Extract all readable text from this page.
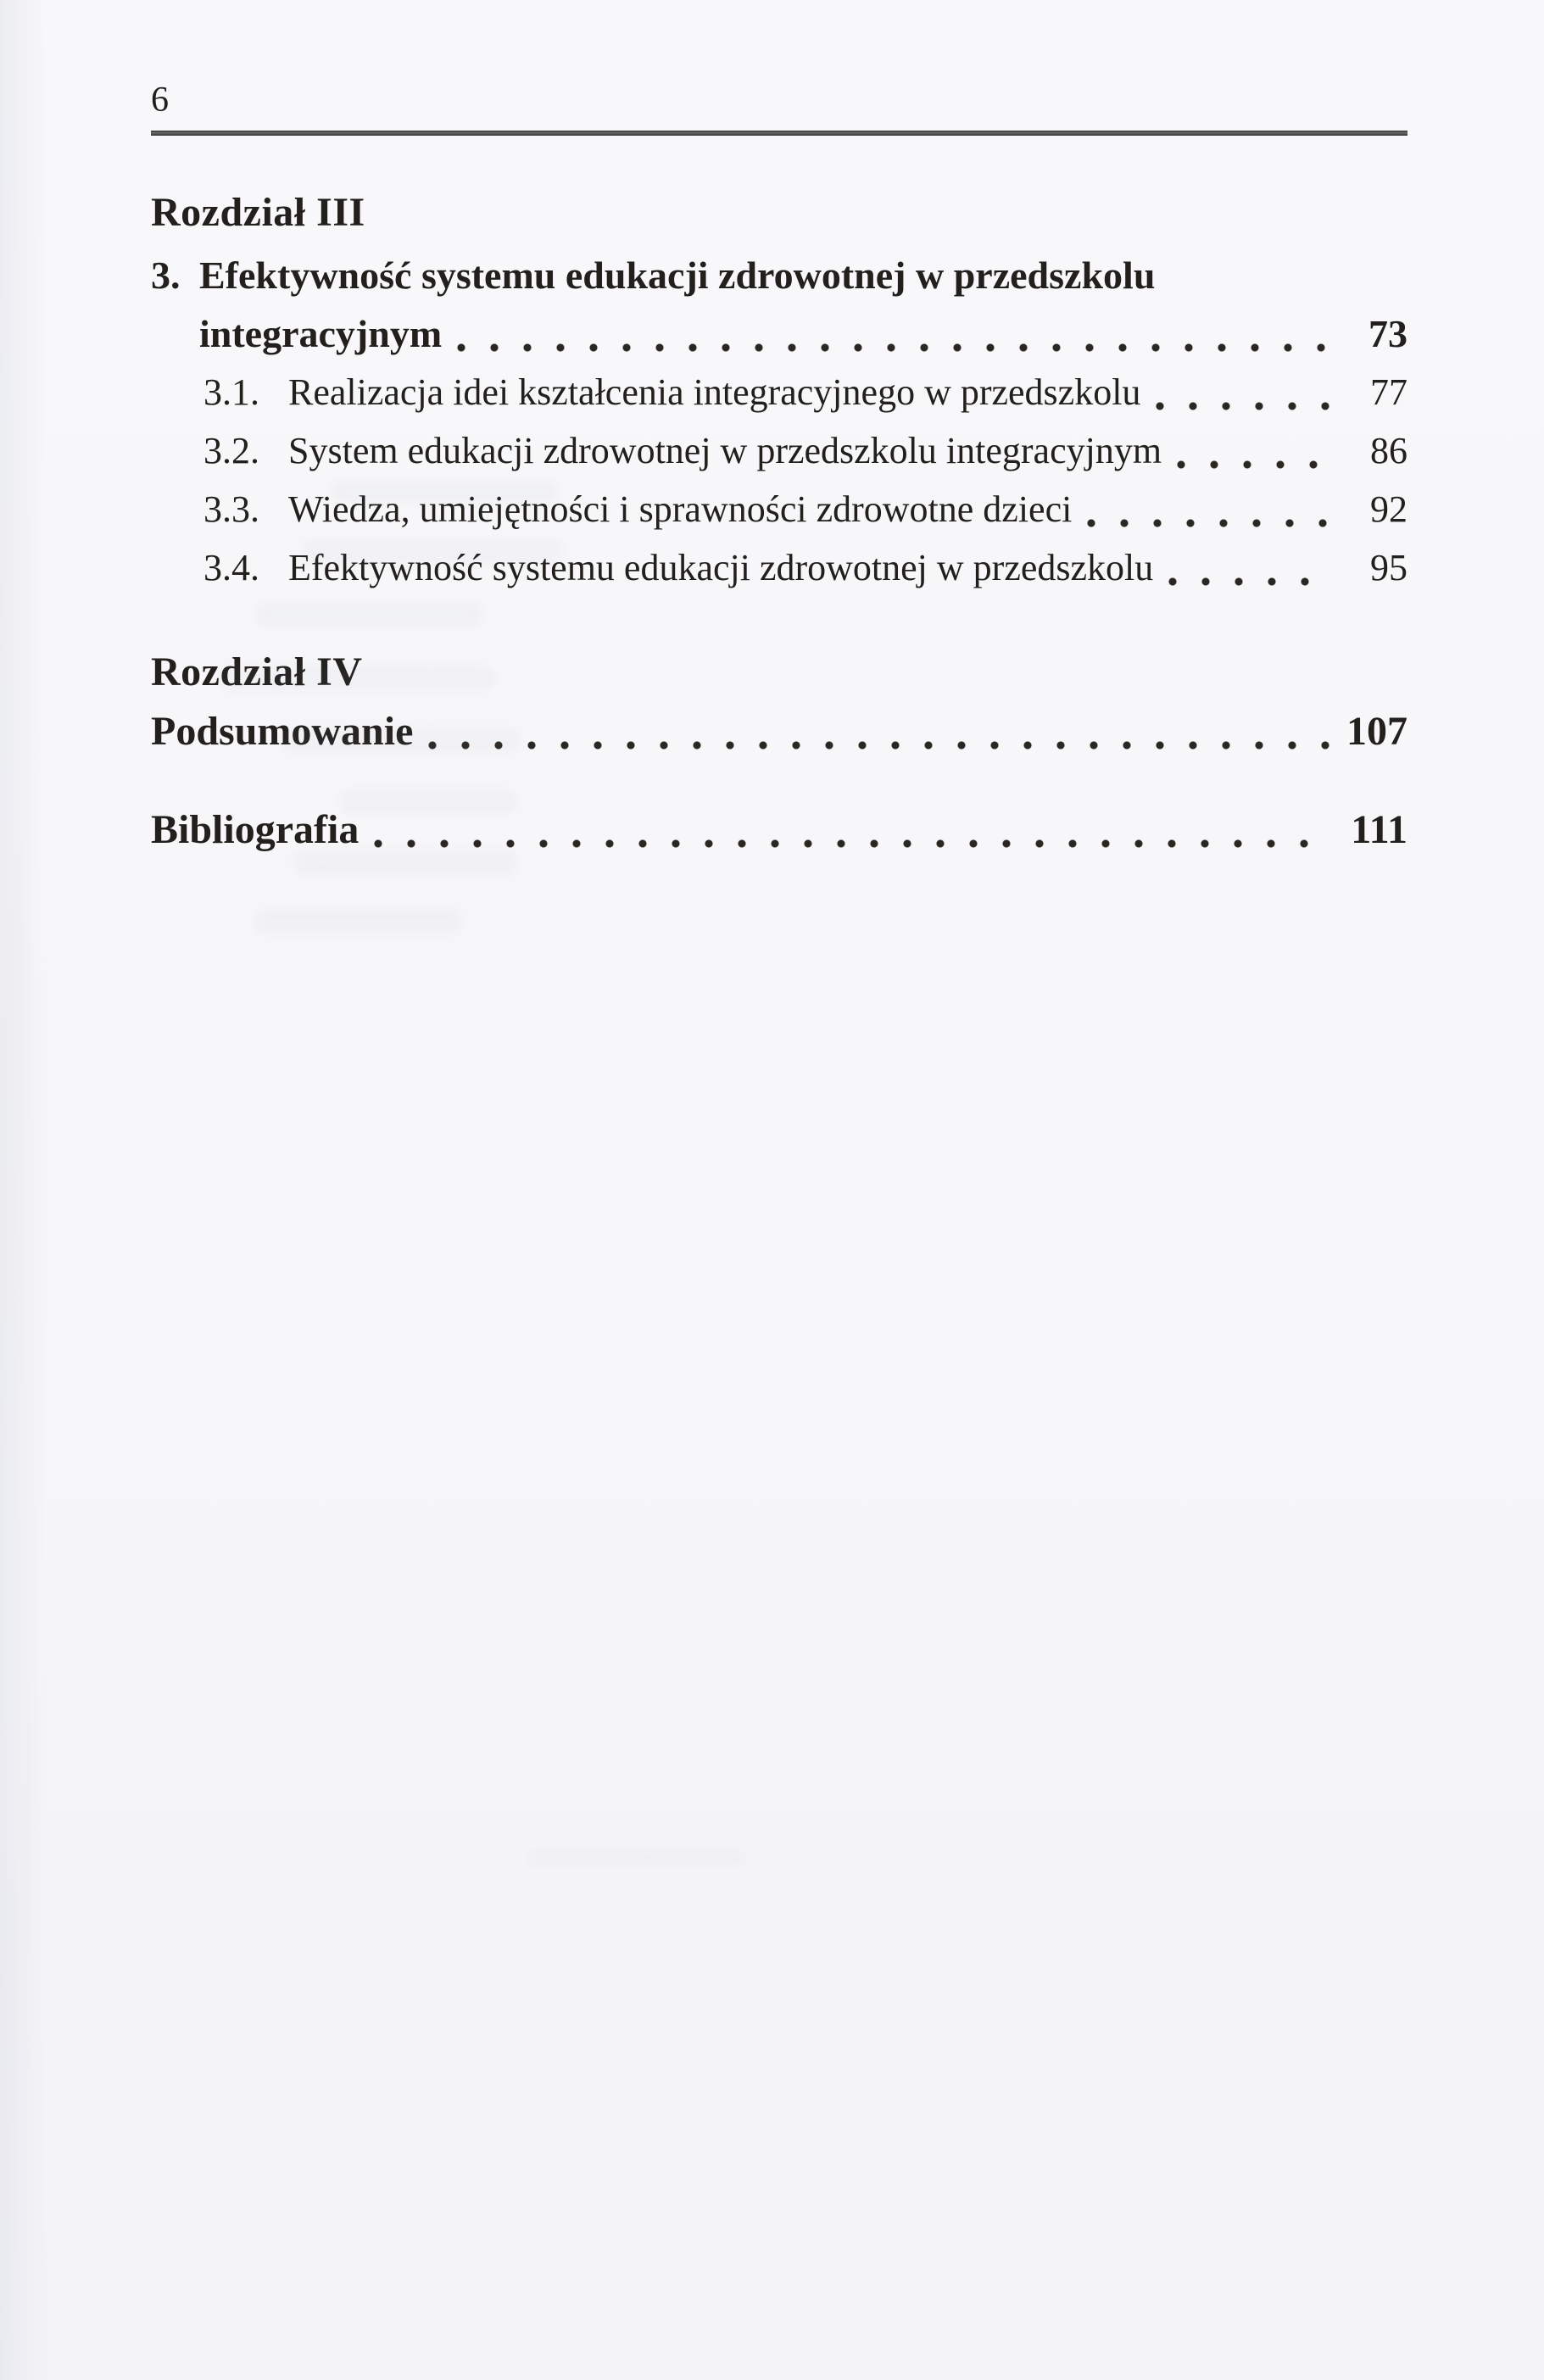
6
Rozdział III
3. Efektywność systemu edukacji zdrowotnej w przedszkolu
integracyjnym	73
3.1. Realizacja idei kształcenia integracyjnego w przedszkolu	77
3.2. System edukacji zdrowotnej w przedszkolu integracyjnym	86
3.3. Wiedza, umiejętności i sprawności zdrowotne dzieci	92
3.4. Efektywność systemu edukacji zdrowotnej w przedszkolu	95
Rozdział IV
Podsumowanie	107
Bibliografia	111
